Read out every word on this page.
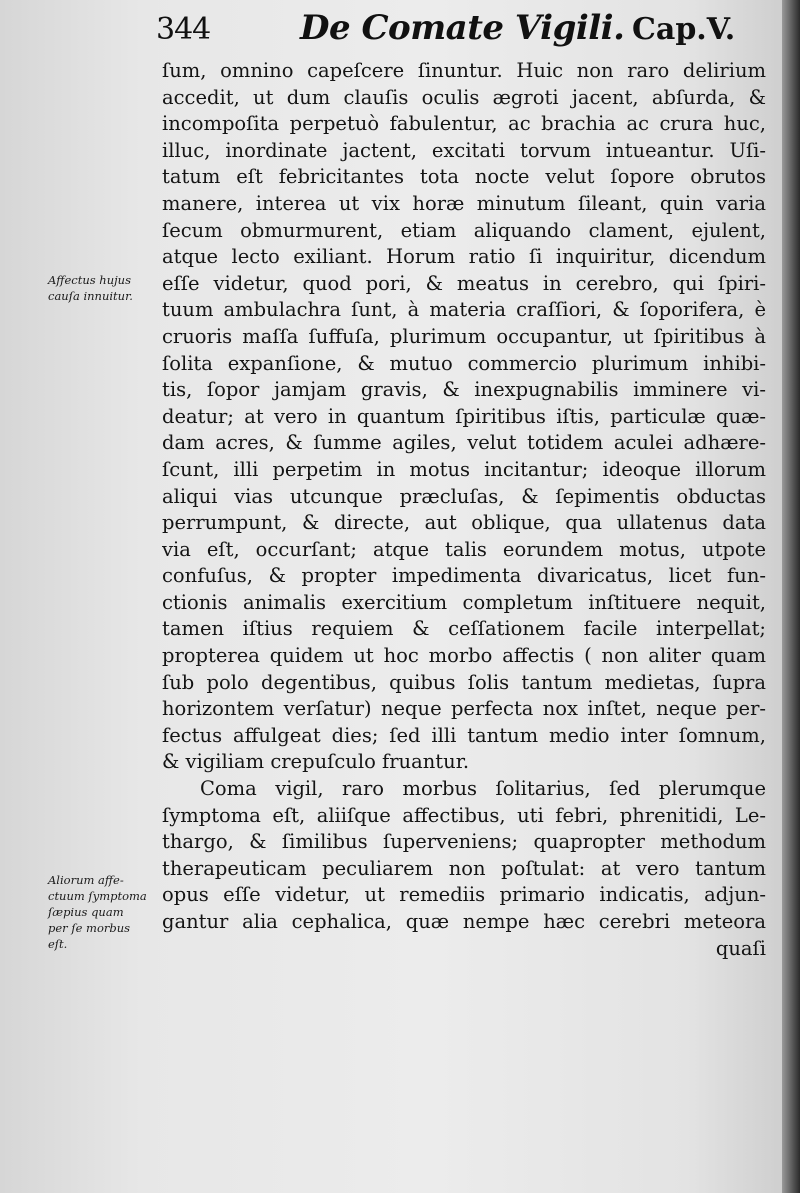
344	De Comate Vigili. Cap.V.
Affectus hujus
cauſa innuitur.
Aliorum affe-
ctuum ſymptoma
ſæpius quam
per ſe morbus
eſt.
ſum, omnino capeſcere ſinuntur. Huic non raro delirium
accedit, ut dum clauſis oculis ægroti jacent, abſurda, &
incompoſita perpetuò fabulentur, ac brachia ac crura huc,
illuc, inordinate jactent, excitati torvum intueantur. Uſi-
tatum eſt febricitantes tota nocte velut ſopore obrutos
manere, interea ut vix horæ minutum ſileant, quin varia
ſecum obmurmurent, etiam aliquando clament, ejulent,
atque lecto exiliant. Horum ratio ſi inquiritur, dicendum
eſſe videtur, quod pori, & meatus in cerebro, qui ſpiri-
tuum ambulachra ſunt, à materia craſſiori, & ſoporifera, è
cruoris maſſa ſuffuſa, plurimum occupantur, ut ſpiritibus à
ſolita expanſione, & mutuo commercio plurimum inhibi-
tis, ſopor jamjam gravis, & inexpugnabilis imminere vi-
deatur; at vero in quantum ſpiritibus iſtis, particulæ quæ-
dam acres, & ſumme agiles, velut totidem aculei adhære-
ſcunt, illi perpetim in motus incitantur; ideoque illorum
aliqui vias utcunque præcluſas, & ſepimentis obductas
perrumpunt, & directe, aut oblique, qua ullatenus data
via eſt, occurſant; atque talis eorundem motus, utpote
confuſus, & propter impedimenta divaricatus, licet fun-
ctionis animalis exercitium completum inſtituere nequit,
tamen iſtius requiem & ceſſationem facile interpellat;
propterea quidem ut hoc morbo affectis ( non aliter quam
ſub polo degentibus, quibus ſolis tantum medietas, ſupra
horizontem verſatur) neque perfecta nox inſtet, neque per-
fectus affulgeat dies; ſed illi tantum medio inter ſomnum,
& vigiliam crepuſculo fruantur.
Coma vigil, raro morbus ſolitarius, ſed plerumque
ſymptoma eſt, aliiſque affectibus, uti febri, phrenitidi, Le-
thargo, & ſimilibus ſuperveniens; quapropter methodum
therapeuticam peculiarem non poſtulat: at vero tantum
opus eſſe videtur, ut remediis primario indicatis, adjun-
gantur alia cephalica, quæ nempe hæc cerebri meteora
quaſi
